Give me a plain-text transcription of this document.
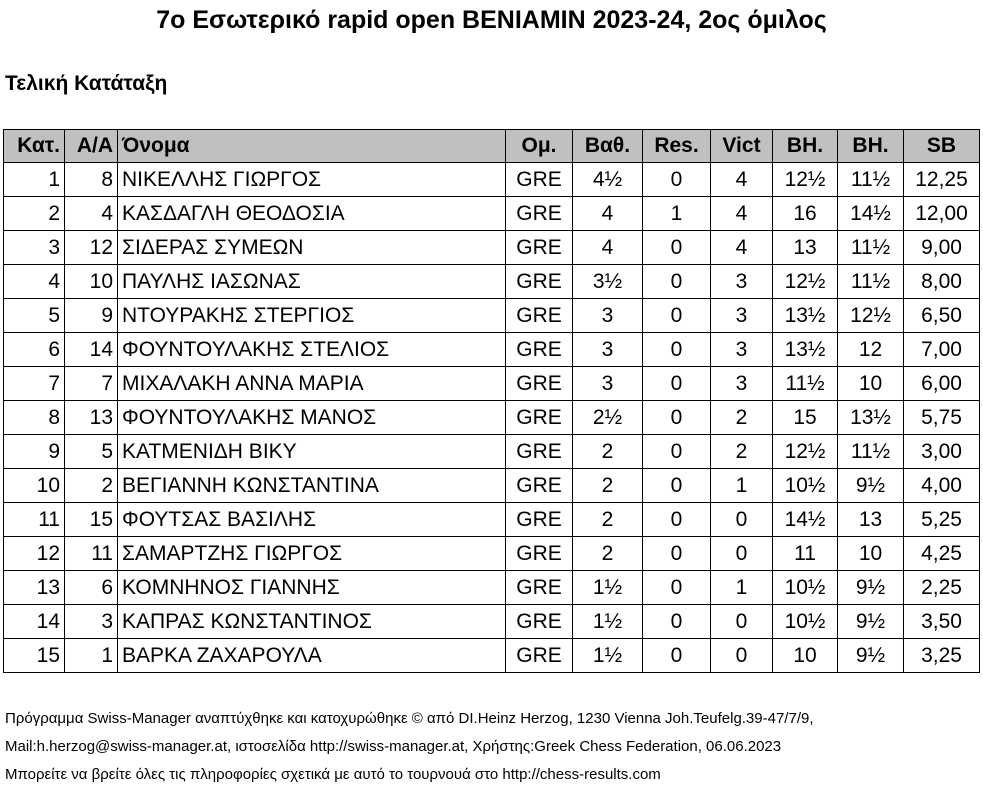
7ο Εσωτερικό rapid open BENIAMIN 2023-24, 2ος όμιλος
Τελική Κατάταξη
Κατ.	Α/Α	Όνομα	Ομ.	Βαθ.	Res.	Vict	BH.	BH.	SB
1	8	ΝΙΚΕΛΛΗΣ ΓΙΩΡΓΟΣ	GRE	4½	0	4	12½	11½	12,25
2	4	ΚΑΣΔΑΓΛΗ ΘΕΟΔΟΣΙΑ	GRE	4	1	4	16	14½	12,00
3	12	ΣΙΔΕΡΑΣ ΣΥΜΕΩΝ	GRE	4	0	4	13	11½	9,00
4	10	ΠΑΥΛΗΣ ΙΑΣΩΝΑΣ	GRE	3½	0	3	12½	11½	8,00
5	9	ΝΤΟΥΡΑΚΗΣ ΣΤΕΡΓΙΟΣ	GRE	3	0	3	13½	12½	6,50
6	14	ΦΟΥΝΤΟΥΛΑΚΗΣ ΣΤΕΛΙΟΣ	GRE	3	0	3	13½	12	7,00
7	7	ΜΙΧΑΛΑΚΗ ΑΝΝΑ ΜΑΡΙΑ	GRE	3	0	3	11½	10	6,00
8	13	ΦΟΥΝΤΟΥΛΑΚΗΣ ΜΑΝΟΣ	GRE	2½	0	2	15	13½	5,75
9	5	ΚΑΤΜΕΝΙΔΗ ΒΙΚΥ	GRE	2	0	2	12½	11½	3,00
10	2	ΒΕΓΙΑΝΝΗ ΚΩΝΣΤΑΝΤΙΝΑ	GRE	2	0	1	10½	9½	4,00
11	15	ΦΟΥΤΣΑΣ ΒΑΣΙΛΗΣ	GRE	2	0	0	14½	13	5,25
12	11	ΣΑΜΑΡΤΖΗΣ ΓΙΩΡΓΟΣ	GRE	2	0	0	11	10	4,25
13	6	ΚΟΜΝΗΝΟΣ ΓΙΑΝΝΗΣ	GRE	1½	0	1	10½	9½	2,25
14	3	ΚΑΠΡΑΣ ΚΩΝΣΤΑΝΤΙΝΟΣ	GRE	1½	0	0	10½	9½	3,50
15	1	ΒΑΡΚΑ ΖΑΧΑΡΟΥΛΑ	GRE	1½	0	0	10	9½	3,25
Πρόγραμμα Swiss-Manager αναπτύχθηκε και κατοχυρώθηκε © από DI.Heinz Herzog, 1230 Vienna Joh.Teufelg.39-47/7/9,
Mail:h.herzog@swiss-manager.at, ιστοσελίδα http://swiss-manager.at, Χρήστης:Greek Chess Federation, 06.06.2023
Μπορείτε να βρείτε όλες τις πληροφορίες σχετικά με αυτό το τουρνουά στο http://chess-results.com
